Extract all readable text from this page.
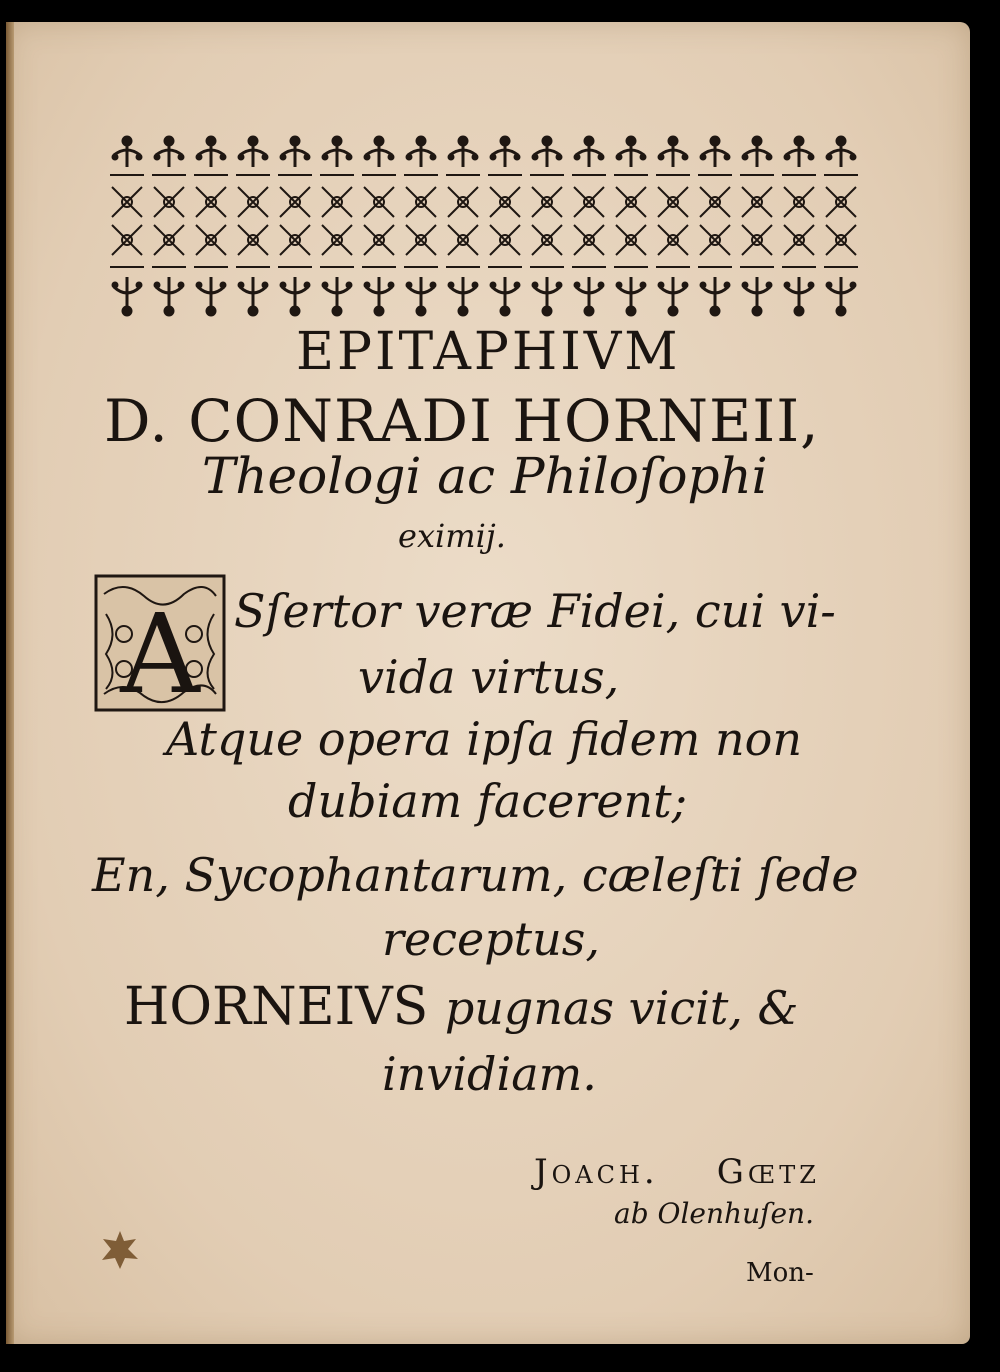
EPITAPHIVM
D. CONRADI HORNEII,
Theologi ac Philoſophi
eximij.
A Sſertor veræ Fidei, cui vi-
vida virtus,
Atque opera ipſa fidem non
dubiam facerent;
En, Sycophantarum, cæleſti ſede
receptus,
HORNEIVS pugnas vicit, &
invidiam.
Joach. Gœtz
ab Olenhuſen.
Mon-
